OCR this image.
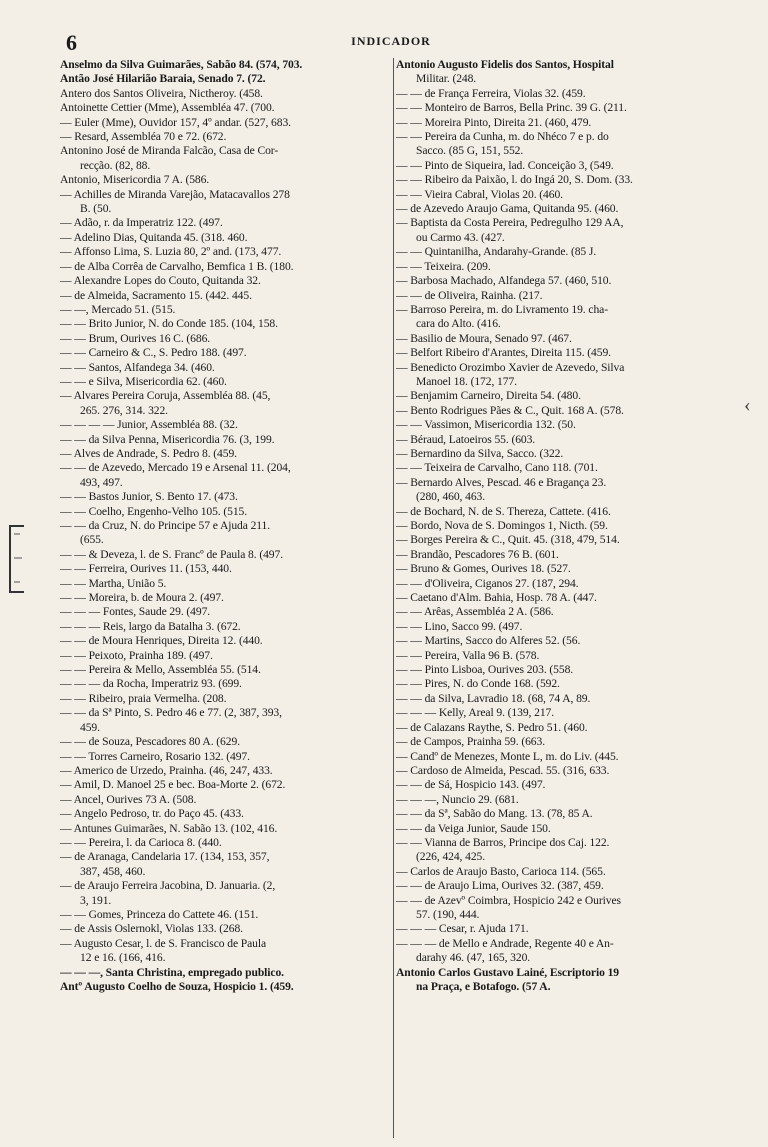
6	INDICADOR
Anselmo da Silva Guimarães, Sabão 84. (574, 703.
Antão José Hilarião Baraia, Senado 7. (72.
Antero dos Santos Oliveira, Nictheroy. (458.
Antoinette Cettier (Mme), Assembléa 47. (700.
— Euler (Mme), Ouvidor 157, 4º andar. (527, 683.
— Resard, Assembléa 70 e 72. (672.
Antonino José de Miranda Falcão, Casa de Cor-
recção. (82, 88.
Antonio, Misericordia 7 A. (586.
— Achilles de Miranda Varejão, Matacavallos 278
B. (50.
— Adão, r. da Imperatriz 122. (497.
— Adelino Dias, Quitanda 45. (318. 460.
— Affonso Lima, S. Luzia 80, 2º and. (173, 477.
— de Alba Corrêa de Carvalho, Bemfica 1 B. (180.
— Alexandre Lopes do Couto, Quitanda 32.
— de Almeida, Sacramento 15. (442. 445.
— —, Mercado 51. (515.
— — Brito Junior, N. do Conde 185. (104, 158.
— — Brum, Ourives 16 C. (686.
— — Carneiro & C., S. Pedro 188. (497.
— — Santos, Alfandega 34. (460.
— — e Silva, Misericordia 62. (460.
— Alvares Pereira Coruja, Assembléa 88. (45,
265. 276, 314. 322.
— — — — Junior, Assembléa 88. (32.
— — da Silva Penna, Misericordia 76. (3, 199.
— Alves de Andrade, S. Pedro 8. (459.
— — de Azevedo, Mercado 19 e Arsenal 11. (204,
493, 497.
— — Bastos Junior, S. Bento 17. (473.
— — Coelho, Engenho-Velho 105. (515.
— — da Cruz, N. do Principe 57 e Ajuda 211.
(655.
— — & Deveza, l. de S. Francº de Paula 8. (497.
— — Ferreira, Ourives 11. (153, 440.
— — Martha, União 5.
— — Moreira, b. de Moura 2. (497.
— — — Fontes, Saude 29. (497.
— — — Reis, largo da Batalha 3. (672.
— — de Moura Henriques, Direita 12. (440.
— — Peixoto, Prainha 189. (497.
— — Pereira & Mello, Assembléa 55. (514.
— — — da Rocha, Imperatriz 93. (699.
— — Ribeiro, praia Vermelha. (208.
— — da Sª Pinto, S. Pedro 46 e 77. (2, 387, 393,
459.
— — de Souza, Pescadores 80 A. (629.
— — Torres Carneiro, Rosario 132. (497.
— Americo de Urzedo, Prainha. (46, 247, 433.
— Amil, D. Manoel 25 e bec. Boa-Morte 2. (672.
— Ancel, Ourives 73 A. (508.
— Angelo Pedroso, tr. do Paço 45. (433.
— Antunes Guimarães, N. Sabão 13. (102, 416.
— — Pereira, l. da Carioca 8. (440.
— de Aranaga, Candelaria 17. (134, 153, 357,
387, 458, 460.
— de Araujo Ferreira Jacobina, D. Januaria. (2,
3, 191.
— — Gomes, Princeza do Cattete 46. (151.
— de Assis Oslernokl, Violas 133. (268.
— Augusto Cesar, l. de S. Francisco de Paula
12 e 16. (166, 416.
— — —, Santa Christina, empregado publico.
Antº Augusto Coelho de Souza, Hospicio 1. (459.
Antonio Augusto Fidelis dos Santos, Hospital
Militar. (248.
— — de França Ferreira, Violas 32. (459.
— — Monteiro de Barros, Bella Princ. 39 G. (211.
— — Moreira Pinto, Direita 21. (460, 479.
— — Pereira da Cunha, m. do Nhéco 7 e p. do
Sacco. (85 G, 151, 552.
— — Pinto de Siqueira, lad. Conceição 3, (549.
— — Ribeiro da Paixão, l. do Ingá 20, S. Dom. (33.
— — Vieira Cabral, Violas 20. (460.
— de Azevedo Araujo Gama, Quitanda 95. (460.
— Baptista da Costa Pereira, Pedregulho 129 AA,
ou Carmo 43. (427.
— — Quintanilha, Andarahy-Grande. (85 J.
— — Teixeira. (209.
— Barbosa Machado, Alfandega 57. (460, 510.
— — de Oliveira, Rainha. (217.
— Barroso Pereira, m. do Livramento 19. cha-
cara do Alto. (416.
— Basilio de Moura, Senado 97. (467.
— Belfort Ribeiro d'Arantes, Direita 115. (459.
— Benedicto Orozimbo Xavier de Azevedo, Silva
Manoel 18. (172, 177.
— Benjamim Carneiro, Direita 54. (480.
— Bento Rodrigues Pães & C., Quit. 168 A. (578.
— — Vassimon, Misericordia 132. (50.
— Béraud, Latoeiros 55. (603.
— Bernardino da Silva, Sacco. (322.
— — Teixeira de Carvalho, Cano 118. (701.
— Bernardo Alves, Pescad. 46 e Bragança 23.
(280, 460, 463.
— de Bochard, N. de S. Thereza, Cattete. (416.
— Bordo, Nova de S. Domingos 1, Nicth. (59.
— Borges Pereira & C., Quit. 45. (318, 479, 514.
— Brandão, Pescadores 76 B. (601.
— Bruno & Gomes, Ourives 18. (527.
— — d'Oliveira, Ciganos 27. (187, 294.
— Caetano d'Alm. Bahia, Hosp. 78 A. (447.
— — Arêas, Assembléa 2 A. (586.
— — Lino, Sacco 99. (497.
— — Martins, Sacco do Alferes 52. (56.
— — Pereira, Valla 96 B. (578.
— — Pinto Lisboa, Ourives 203. (558.
— — Pires, N. do Conde 168. (592.
— — da Silva, Lavradio 18. (68, 74 A, 89.
— — — Kelly, Areal 9. (139, 217.
— de Calazans Raythe, S. Pedro 51. (460.
— de Campos, Prainha 59. (663.
— Candº de Menezes, Monte L, m. do Liv. (445.
— Cardoso de Almeida, Pescad. 55. (316, 633.
— — de Sá, Hospicio 143. (497.
— — —, Nuncio 29. (681.
— — da Sª, Sabão do Mang. 13. (78, 85 A.
— — da Veiga Junior, Saude 150.
— — Vianna de Barros, Principe dos Caj. 122.
(226, 424, 425.
— Carlos de Araujo Basto, Carioca 114. (565.
— — de Araujo Lima, Ourives 32. (387, 459.
— — de Azevº Coimbra, Hospicio 242 e Ourives
57. (190, 444.
— — — Cesar, r. Ajuda 171.
— — — de Mello e Andrade, Regente 40 e An-
darahy 46. (47, 165, 320.
Antonio Carlos Gustavo Lainé, Escriptorio 19
na Praça, e Botafogo. (57 A.
‹
